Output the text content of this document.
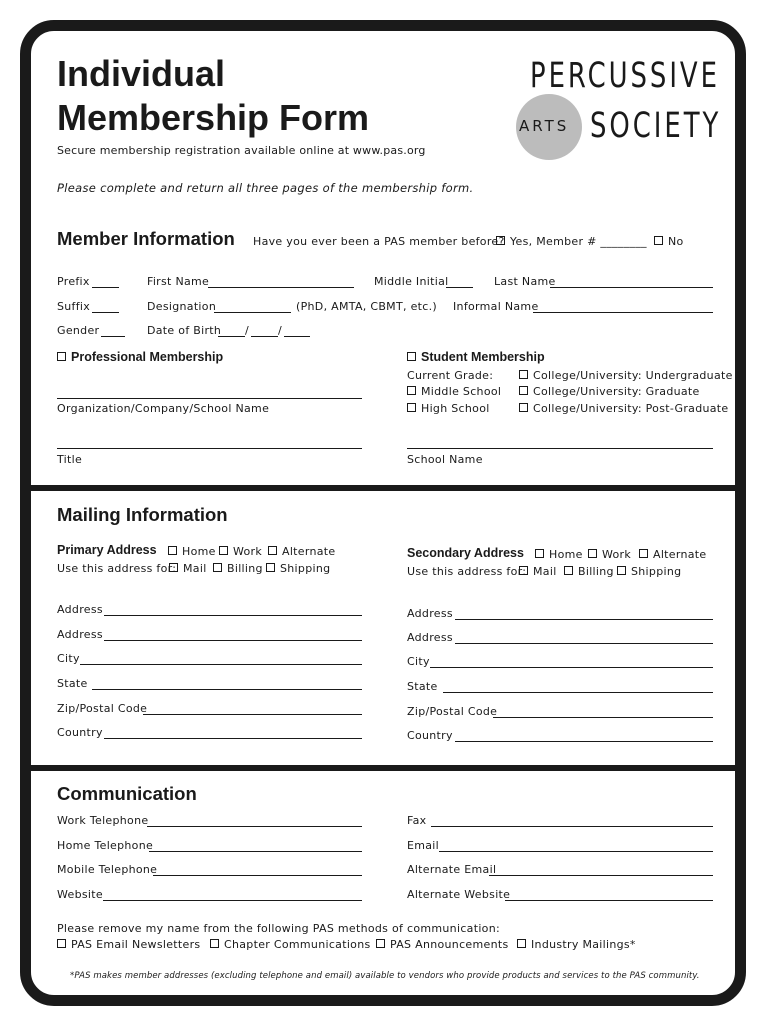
Individual
Membership Form
Secure membership registration available online at www.pas.org
Please complete and return all three pages of the membership form.
PERCUSSIVE
ARTS SOCIETY
Member Information Have you ever been a PAS member before? Yes, Member # ________	No
Prefix	First Name	Middle Initial	Last Name
Suffix	Designation	(PhD, AMTA, CBMT, etc.) Informal Name
Gender	Date of Birth /	/
Professional Membership
Organization/Company/School Name
Title
Student Membership
Current Grade:
Middle School
High School
College/University: Undergraduate
College/University: Graduate
College/University: Post-Graduate
School Name
Mailing Information
Primary Address	Home	Work	Alternate
Use this address for: Mail	Billing	Shipping
Secondary Address	Home	Work	Alternate
Use this address for: Mail	Billing	Shipping
Address
Address
City
State
Zip/Postal Code
Country
Address
Address
City
State
Zip/Postal Code
Country
Communication
Work Telephone
Home Telephone
Mobile Telephone
Website
Fax
Email
Alternate Email
Alternate Website
Please remove my name from the following PAS methods of communication:
PAS Email Newsletters	Chapter Communications	PAS Announcements	Industry Mailings*
*PAS makes member addresses (excluding telephone and email) available to vendors who provide products and services to the PAS community.
